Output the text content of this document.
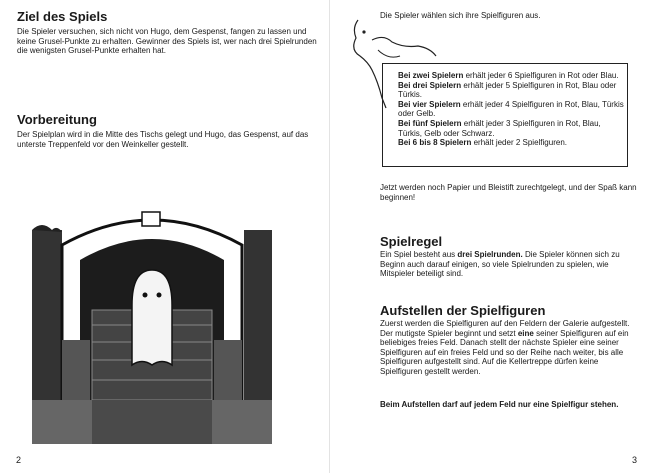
Ziel des Spiels

Die Spieler versuchen, sich nicht von Hugo, dem Gespenst, fangen zu lassen und keine Grusel-Punkte zu erhalten. Gewinner des Spiels ist, wer nach drei Spielrunden die wenigsten Grusel-Punkte erhalten hat.

Vorbereitung

Der Spielplan wird in die Mitte des Tischs gelegt und Hugo, das Gespenst, auf das unterste Treppenfeld vor den Weinkeller gestellt.

2
Die Spieler wählen sich ihre Spielfiguren aus.

Bei zwei Spielern erhält jeder 6 Spielfiguren in Rot oder Blau.

Bei drei Spielern erhält jeder 5 Spielfiguren in Rot, Blau oder Türkis.

Bei vier Spielern erhält jeder 4 Spielfiguren in Rot, Blau, Türkis oder Gelb.

Bei fünf Spielern erhält jeder 3 Spielfiguren in Rot, Blau, Türkis, Gelb oder Schwarz.

Bei 6 bis 8 Spielern erhält jeder 2 Spielfiguren.

Jetzt werden noch Papier und Bleistift zurechtgelegt, und der Spaß kann beginnen!

Spielregel

Ein Spiel besteht aus drei Spielrunden. Die Spieler können sich zu Beginn auch darauf einigen, so viele Spielrunden zu spielen, wie Mitspieler beteiligt sind.

Aufstellen der Spielfiguren
Zuerst werden die Spielfiguren auf den Feldern der Galerie aufgestellt.
Der mutigste Spieler beginnt und setzt eine seiner Spielfiguren auf ein beliebiges freies Feld. Danach stellt der nächste Spieler eine seiner Spielfiguren auf ein freies Feld und so der Reihe nach weiter, bis alle Spielfiguren aufgestellt sind. Auf die Kellertreppe dürfen keine Spielfiguren gestellt werden.

Beim Aufstellen darf auf jedem Feld nur eine Spielfigur stehen.

3
